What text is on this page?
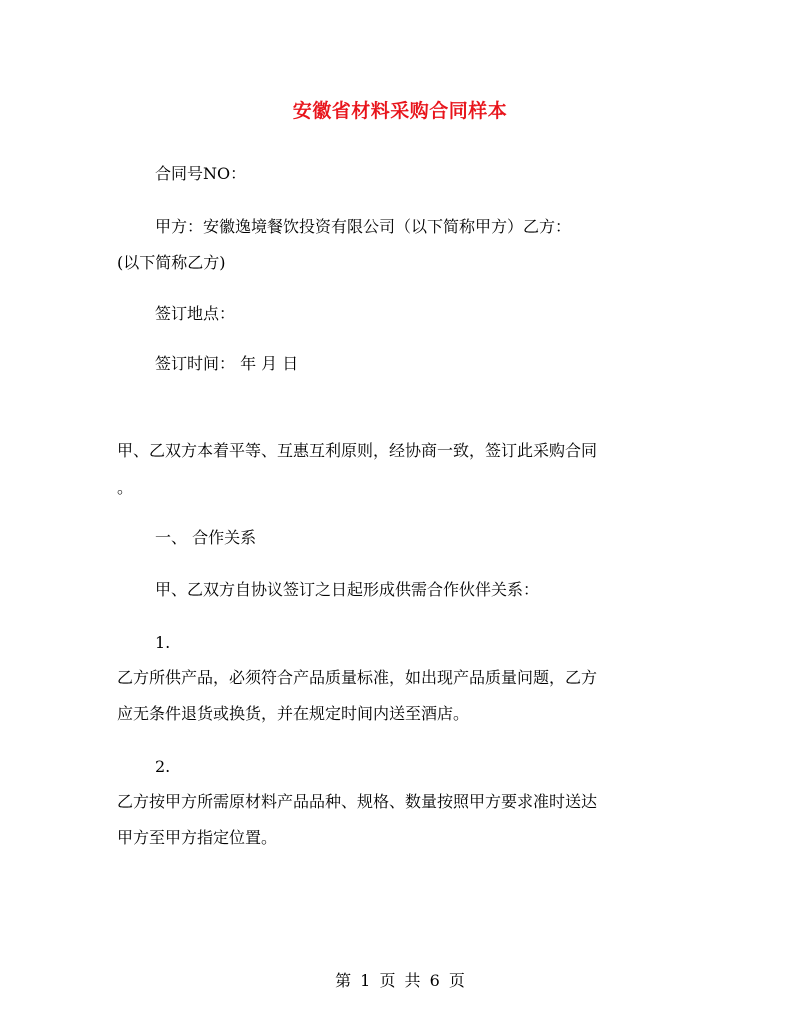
安徽省材料采购合同样本
合同号NO：
甲方：安徽逸境餐饮投资有限公司（以下简称甲方）乙方：
(以下简称乙方)
签订地点：
签订时间： 年 月 日
甲、乙双方本着平等、互惠互利原则，经协商一致，签订此采购合同
。
一、 合作关系
甲、乙双方自协议签订之日起形成供需合作伙伴关系：
1.
乙方所供产品，必须符合产品质量标准，如出现产品质量问题，乙方
应无条件退货或换货，并在规定时间内送至酒店。
2.
乙方按甲方所需原材料产品品种、规格、数量按照甲方要求准时送达
甲方至甲方指定位置。
第 1 页 共 6 页
